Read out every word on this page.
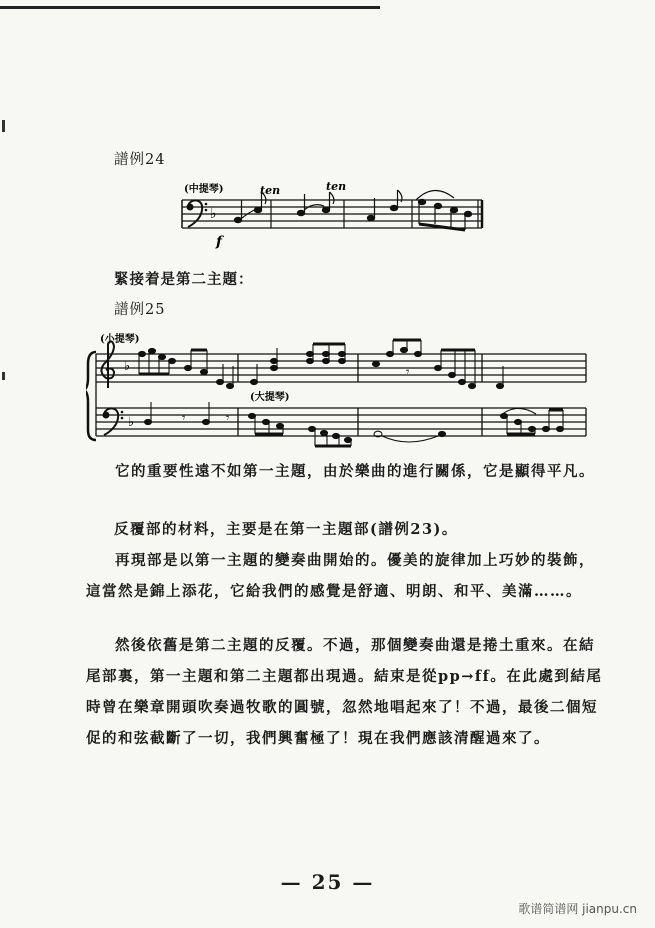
譜例24
♭
(中提琴)	ten	ten
f
緊接着是第二主題：
譜例25
♭
♭	𝄾	𝄾
𝄾
(小提琴)
(大提琴)
它的重要性遠不如第一主題，由於樂曲的進行關係，它是顯得平凡。
反覆部的材料，主要是在第一主題部(譜例23)。
再現部是以第一主題的變奏曲開始的。優美的旋律加上巧妙的裝飾，這當然是錦上添花，它給我們的感覺是舒適、明朗、和平、美滿……。
然後依舊是第二主題的反覆。不過，那個變奏曲還是捲土重來。在結尾部裏，第一主題和第二主題都出現過。結束是從pp→ff。在此處到結尾時曾在樂章開頭吹奏過牧歌的圓號，忽然地唱起來了！不過，最後二個短促的和弦截斷了一切，我們興奮極了！現在我們應該清醒過來了。
— 25 —
歌谱简谱网 jianpu.cn
